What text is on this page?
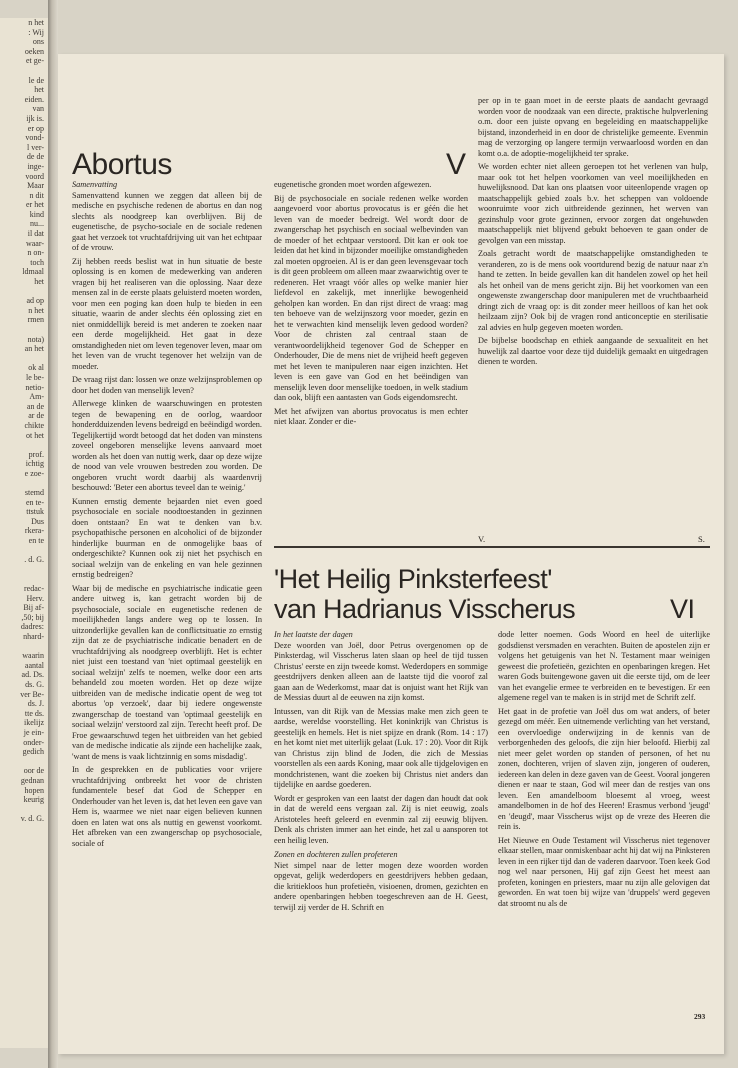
n het
: Wij
ons
oeken
et ge-

le de
het
eiden.
van
ijk is.
er op
vond-
l ver-
de de
inge-
voord
Maar
n dit
er het
kind
nu...
il dat
waar-
n on-
toch
ldmaal
het

ad op
n het
rmen

nota)
an het

ok al
le be-
netio-
Am-
an de
ar de
chikte
ot het

prof.
ichtig
e zoe-

stemd
en te-
ttstuk
Dus
rkera-
en te

. d. G.

redac-
Herv.
Bij af-
,50; bij
dadres:
nhard-

waarin
aantal
ad. Ds.
ds. G.
ver Be-
ds. J.
tte ds.
ikelijz
je ein-
onder-
gedich

oor de
gednan
hopen
keurig

v. d. G.
Abortus	V
Samenvatting

Samenvattend kunnen we zeggen dat alleen bij de medische en psychische redenen de abortus en dan nog slechts als noodgreep kan overblijven. Bij de eugenetische, de psycho-sociale en de sociale redenen gaat het verzoek tot vruchtafdrijving uit van het echtpaar of de vrouw.

Zij hebben reeds beslist wat in hun situatie de beste oplossing is en komen de medewerking van anderen vragen bij het realiseren van die oplossing. Naar deze mensen zal in de eerste plaats geluisterd moeten worden, voor men een poging kan doen hulp te bieden in een situatie, waarin de ander slechts één oplossing ziet en niet onmiddellijk bereid is met anderen te zoeken naar een derde mogelijkheid. Het gaat in deze omstandigheden niet om leven tegenover leven, maar om het leven van de vrucht tegenover het welzijn van de moeder.

De vraag rijst dan: lossen we onze welzijnsproblemen op door het doden van menselijk leven?

Allerwege klinken de waarschuwingen en protesten tegen de bewapening en de oorlog, waardoor honderdduizenden levens bedreigd en beëindigd worden. Tegelijkertijd wordt betoogd dat het doden van minstens zoveel ongeboren menselijke levens aanvaard moet worden als het doen van nuttig werk, daar op deze wijze de nood van vele vrouwen bestreden zou worden. De ongeboren vrucht wordt daarbij als waardenvrij beschouwd: 'Beter een abortus teveel dan te weinig.'

Kunnen ernstig demente bejaarden niet even goed psychosociale en sociale noodtoestanden in gezinnen doen ontstaan? En wat te denken van b.v. psychopathische personen en alcoholici of de bijzonder hinderlijke buurman en de onmogelijke baas of ondergeschikte? Kunnen ook zij niet het psychisch en sociaal welzijn van de enkeling en van hele gezinnen ernstig bedreigen?

Waar bij de medische en psychiatrische indicatie geen andere uitweg is, kan getracht worden bij de psychosociale, sociale en eugenetische redenen de moeilijkheden langs andere weg op te lossen. In uitzonderlijke gevallen kan de conflictsituatie zo ernstig zijn dat ze de psychiatrische indicatie benadert en de vruchtafdrijving als noodgreep overblijft. Het is echter niet juist een toestand van 'niet optimaal geestelijk en sociaal welzijn' zelfs te noemen, welke door een arts behandeld zou moeten worden. Het op deze wijze uitbreiden van de medische indicatie opent de weg tot abortus 'op verzoek', daar bij iedere ongewenste zwangerschap de toestand van 'optimaal geestelijk en sociaal welzijn' verstoord zal zijn. Terecht heeft prof. De Froe gewaarschuwd tegen het uitbreiden van het gebied van de medische indicatie als zijnde een hachelijke zaak, 'want de mens is vaak lichtzinnig en soms misdadig'.

In de gesprekken en de publicaties voor vrijere vruchtafdrijving ontbreekt het voor de christen fundamentele besef dat God de Schepper en Onderhouder van het leven is, dat het leven een gave van Hem is, waarmee we niet naar eigen believen kunnen doen en laten wat ons als nuttig en gewenst voorkomt. Het afbreken van een zwangerschap op psychosociale, sociale of

eugenetische gronden moet worden afgewezen.

Bij de psychosociale en sociale redenen welke worden aangevoerd voor abortus provocatus is er géén die het leven van de moeder bedreigt. Wel wordt door de zwangerschap het psychisch en sociaal welbevinden van de moeder of het echtpaar verstoord. Dit kan er ook toe leiden dat het kind in bijzonder moeilijke omstandigheden zal moeten opgroeien. Al is er dan geen levensgevaar toch is dit geen probleem om alleen maar zwaarwichtig over te redeneren. Het vraagt vóór alles op welke manier hier liefdevol en zakelijk, met innerlijke bewogenheid geholpen kan worden. En dan rijst direct de vraag: mag ten behoeve van de welzijnszorg voor moeder, gezin en het te verwachten kind menselijk leven gedood worden? Voor de christen zal centraal staan de verantwoordelijkheid tegenover God de Schepper en Onderhouder, Die de mens niet de vrijheid heeft gegeven met het leven te manipuleren naar eigen inzichten. Het leven is een gave van God en het beëindigen van menselijk leven door menselijke toedoen, in welk stadium dan ook, blijft een aantasten van Gods eigendomsrecht.

Met het afwijzen van abortus provocatus is men echter niet klaar. Zonder er die-

per op in te gaan moet in de eerste plaats de aandacht gevraagd worden voor de noodzaak van een directe, praktische hulpverlening o.m. door een juiste opvang en begeleiding en maatschappelijke bijstand, inzonderheid in en door de christelijke gemeente. Evenmin mag de verzorging op langere termijn verwaarloosd worden en dan komt o.a. de adoptie-mogelijkheid ter sprake.

We worden echter niet alleen geroepen tot het verlenen van hulp, maar ook tot het helpen voorkomen van veel moeilijkheden en huwelijksnood. Dat kan ons plaatsen voor uiteenlopende vragen op maatschappelijk gebied zoals b.v. het scheppen van voldoende woonruimte voor zich uitbreidende gezinnen, het werven van gezinshulp voor grote gezinnen, ervoor zorgen dat ongehuwden maatschappelijk niet blijvend gebukt behoeven te gaan onder de gevolgen van een misstap.

Zoals getracht wordt de maatschappelijke omstandigheden te veranderen, zo is de mens ook voortdurend bezig de natuur naar z'n hand te zetten. In beide gevallen kan dit handelen zowel op het heil als het onheil van de mens gericht zijn. Bij het voorkomen van een ongewenste zwangerschap door manipuleren met de vruchtbaarheid dringt zich de vraag op: is dit zonder meer heilloos of kan het ook heilzaam zijn? Ook bij de vragen rond anticonceptie en sterilisatie zal advies en hulp gegeven moeten worden.

De bijbelse boodschap en ethiek aangaande de sexualiteit en het huwelijk zal daartoe voor deze tijd duidelijk gemaakt en uitgedragen dienen te worden.

V.	S.
'Het Heilig Pinksterfeest'
van Hadrianus Visscherus	VI
In het laatste der dagen

Deze woorden van Joël, door Petrus overgenomen op de Pinksterdag, wil Visscherus laten slaan op heel de tijd tussen Christus' eerste en zijn tweede komst. Wederdopers en sommige geestdrijvers denken alleen aan de laatste tijd die voorof zal gaan aan de Wederkomst, maar dat is onjuist want het Rijk van de Messias duurt al de eeuwen na zijn komst.

Intussen, van dit Rijk van de Messias make men zich geen te aardse, wereldse voorstelling. Het koninkrijk van Christus is geestelijk en hemels. Het is niet spijze en drank (Rom. 14 : 17) en het komt niet met uiterlijk gelaat (Luk. 17 : 20). Voor dit Rijk van Christus zijn blind de Joden, die zich de Messias voorstellen als een aards Koning, maar ook alle tijdgelovigen en mondchristenen, want die zoeken bij Christus niet anders dan tijdelijke en aardse goederen.

Wordt er gesproken van een laatst der dagen dan houdt dat ook in dat de wereld eens vergaan zal. Zij is niet eeuwig, zoals Aristoteles heeft geleerd en evenmin zal zij eeuwig blijven. Denk als christen immer aan het einde, het zal u aansporen tot een heilig leven.

Zonen en dochteren zullen profeteren

Niet simpel naar de letter mogen deze woorden worden opgevat, gelijk wederdopers en geestdrijvers hebben gedaan, die kritiekloos hun profetieën, visioenen, dromen, gezichten en andere openbaringen hebben toegeschreven aan de H. Geest, terwijl zij verder de H. Schrift en

dode letter noemen. Gods Woord en heel de uiterlijke godsdienst versmaden en verachten. Buiten de apostelen zijn er volgens het getuigenis van het N. Testament maar weinigen geweest die profetieën, gezichten en openbaringen kregen. Het waren Gods buitengewone gaven uit die eerste tijd, om de leer van het evangelie ermee te verbreiden en te bevestigen. Er een algemene regel van te maken is in strijd met de Schrift zelf.

Het gaat in de profetie van Joël dus om wat anders, of beter gezegd om méér. Een uitnemende verlichting van het verstand, een overvloedige onderwijzing in de kennis van de verborgenheden des geloofs, die zijn hier beloofd. Hierbij zal niet meer gelet worden op standen of personen, of het nu zonen, dochteren, vrijen of slaven zijn, jongeren of ouderen, iedereen kan delen in deze gaven van de Geest. Vooral jongeren dienen er naar te staan, God wil meer dan de restjes van ons leven. Een amandelboom bloesemt al vroeg, weest amandelbomen in de hof des Heeren! Erasmus verbond 'jeugd' en 'deugd', maar Visscherus wijst op de vreze des Heeren die rein is.

Het Nieuwe en Oude Testament wil Visscherus niet tegenover elkaar stellen, maar onmiskenbaar acht hij dat wij na Pinksteren leven in een rijker tijd dan de vaderen daarvoor. Toen keek God nog wel naar personen, Hij gaf zijn Geest het meest aan profeten, koningen en priesters, maar nu zijn alle gelovigen dat geworden. En wat toen bij wijze van 'druppels' werd gegeven dat stroomt nu als de

293
